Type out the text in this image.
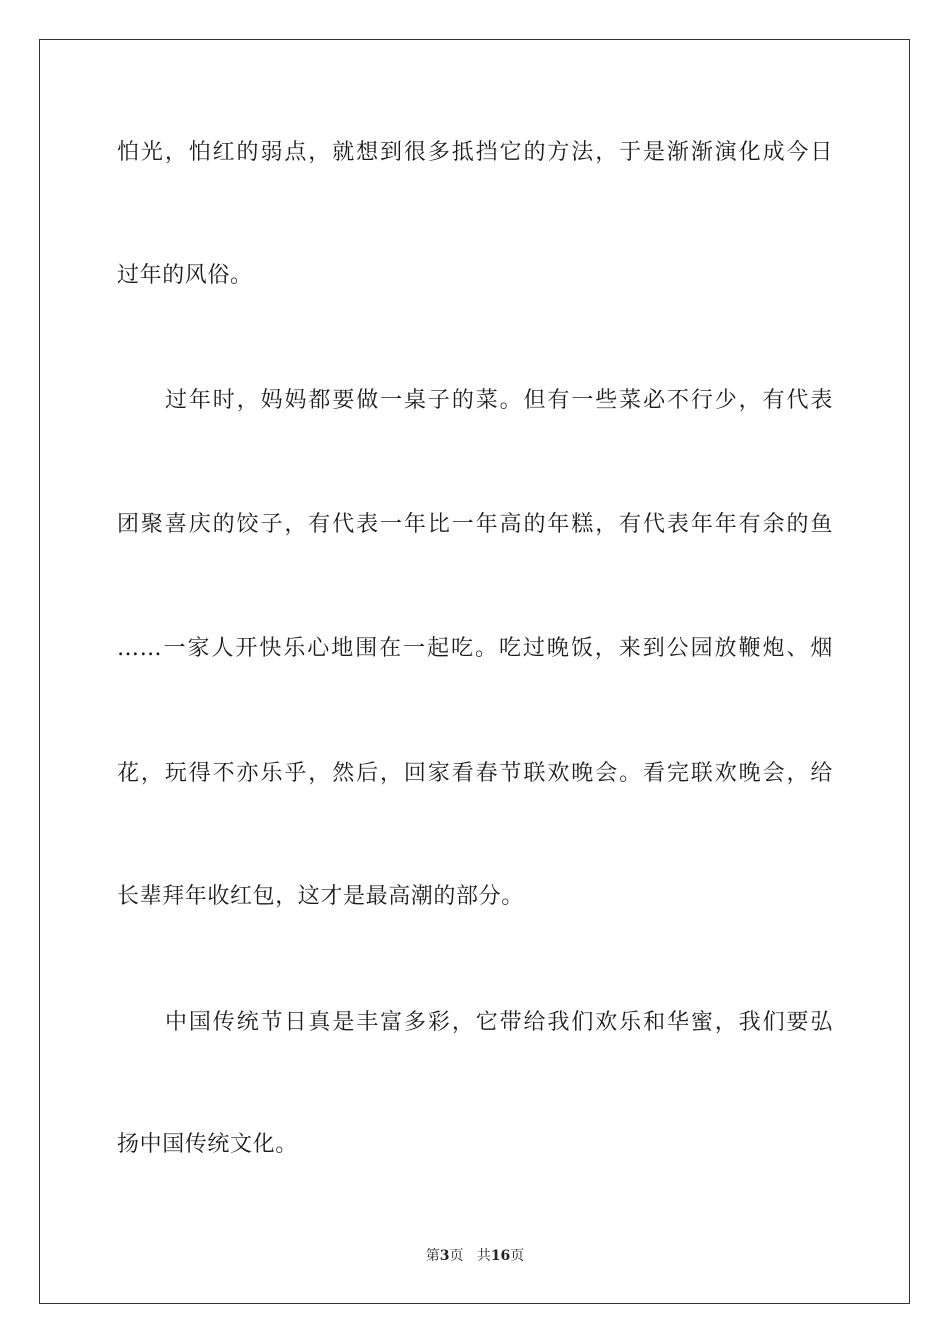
怕光，怕红的弱点，就想到很多抵挡它的方法，于是渐渐演化成今日
过年的风俗。
过年时，妈妈都要做一桌子的菜。但有一些菜必不行少，有代表
团聚喜庆的饺子，有代表一年比一年高的年糕，有代表年年有余的鱼
……一家人开快乐心地围在一起吃。吃过晚饭，来到公园放鞭炮、烟
花，玩得不亦乐乎，然后，回家看春节联欢晚会。看完联欢晚会，给
长辈拜年收红包，这才是最高潮的部分。
中国传统节日真是丰富多彩，它带给我们欢乐和华蜜，我们要弘
扬中国传统文化。
第3页 共16页
